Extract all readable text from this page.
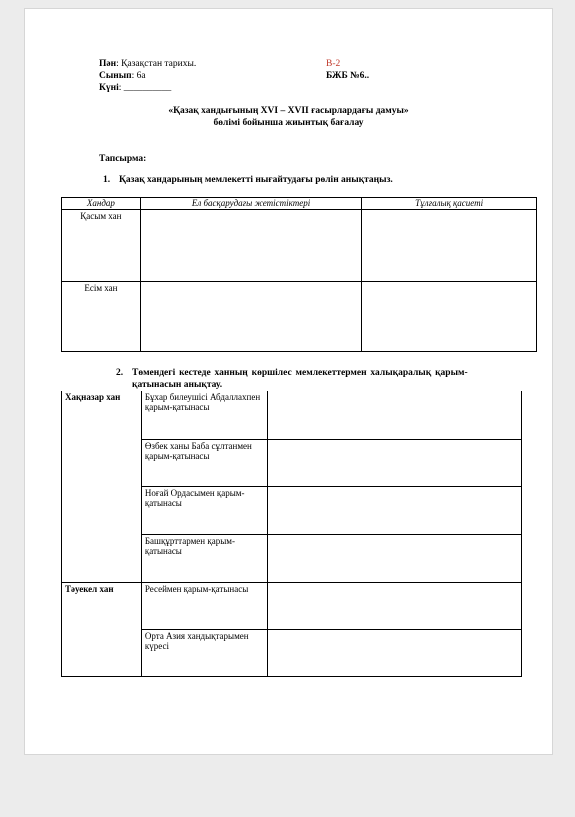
Пән: Қазақстан тарихы.
Сынып: 6а
Күні: __________
В-2
БЖБ №6..
«Қазақ хандығының XVI – XVII ғасырлардағы дамуы»
бөлімі бойынша жиынтық бағалау
Тапсырма:
1. Қазақ хандарының мемлекетті нығайтудағы рөлін анықтаңыз.
Хандар	Ел басқарудағы жетістіктері	Тұлғалық қасиеті
Қасым хан		
Есім хан		
2. Төмендегі кестеде ханның көршілес мемлекеттермен халықаралық қарым-
қатынасын анықтау.
Хақназар хан	Бұхар билеушісі Абдаллахпен қарым-қатынасы	
	Өзбек ханы Баба сұлтанмен қарым-қатынасы	
	Ноғай Ордасымен қарым-қатынасы	
	Башқұрттармен қарым-қатынасы	
Тәуекел хан	Ресеймен қарым-қатынасы	
	Орта Азия хандықтарымен күресі	
